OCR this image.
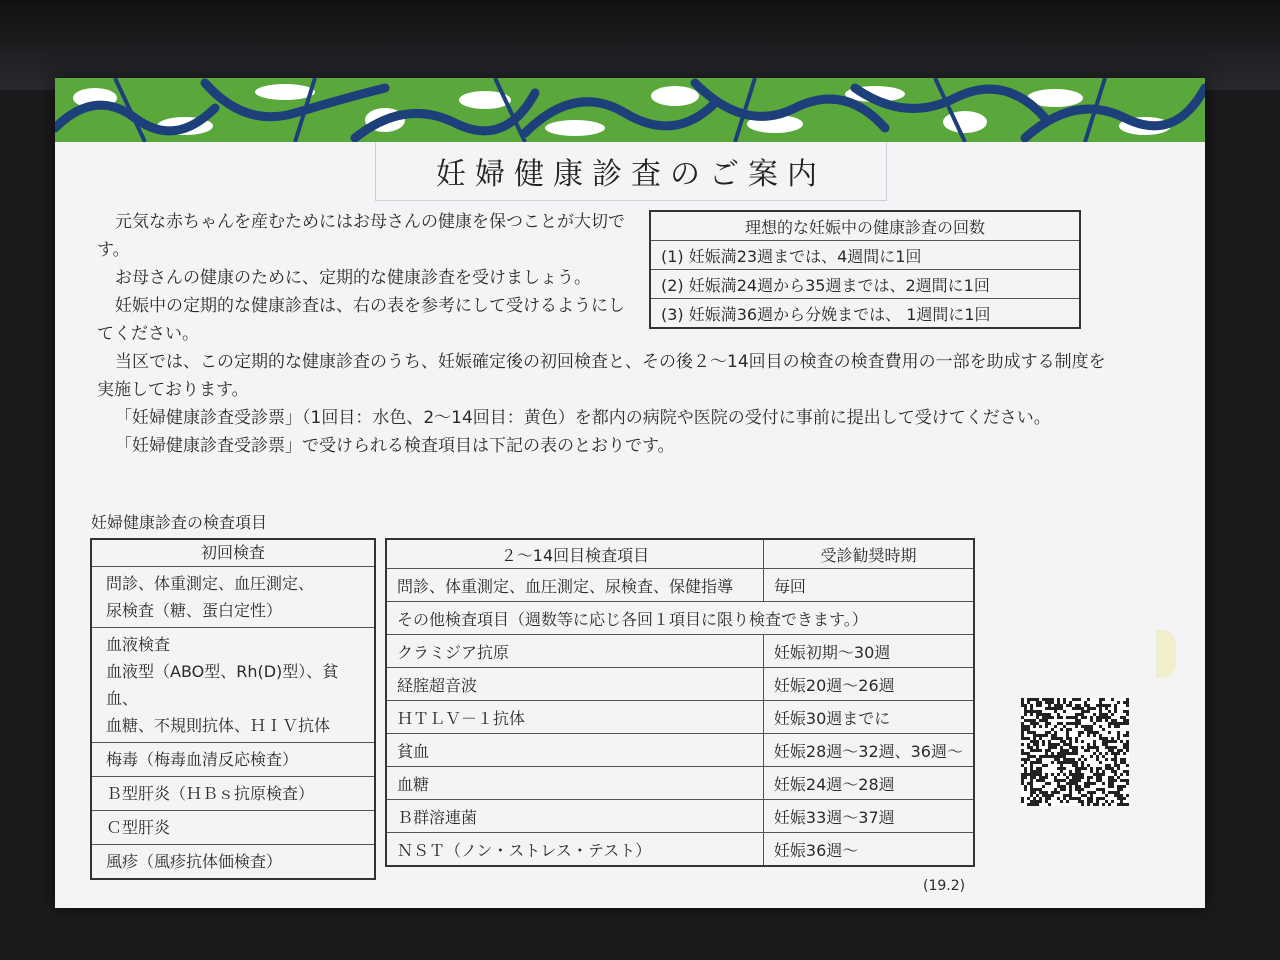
妊婦健康診査のご案内

元気な赤ちゃんを産むためにはお母さんの健康を保つことが大切です。

お母さんの健康のために、定期的な健康診査を受けましょう。

妊娠中の定期的な健康診査は、右の表を参考にして受けるようにしてください。

当区では、この定期的な健康診査のうち、妊娠確定後の初回検査と、その後２～14回目の検査の検査費用の一部を助成する制度を実施しております。

「妊婦健康診査受診票」（1回目：水色、2～14回目：黄色）を都内の病院や医院の受付に事前に提出して受けてください。

「妊婦健康診査受診票」で受けられる検査項目は下記の表のとおりです。

理想的な妊娠中の健康診査の回数
(1) 妊娠満23週までは、4週間に1回
(2) 妊娠満24週から35週までは、2週間に1回
(3) 妊娠満36週から分娩までは、 1週間に1回
妊婦健康診査の検査項目
初回検査

問診、体重測定、血圧測定、
尿検査（糖、蛋白定性）

血液検査
血液型（ABO型、Rh(D)型）、貧血、
血糖、不規則抗体、ＨＩＶ抗体

梅毒（梅毒血清反応検査）
Ｂ型肝炎（ＨＢｓ抗原検査）
Ｃ型肝炎
風疹（風疹抗体価検査）
２～14回目検査項目	受診勧奨時期
問診、体重測定、血圧測定、尿検査、保健指導	毎回
その他検査項目（週数等に応じ各回１項目に限り検査できます。）	
クラミジア抗原	妊娠初期～30週
経腟超音波	妊娠20週～26週
ＨＴＬＶ－１抗体	妊娠30週までに
貧血	妊娠28週～32週、36週～
血糖	妊娠24週～28週
Ｂ群溶連菌	妊娠33週～37週
ＮＳＴ（ノン・ストレス・テスト）	妊娠36週～
(19.2)
